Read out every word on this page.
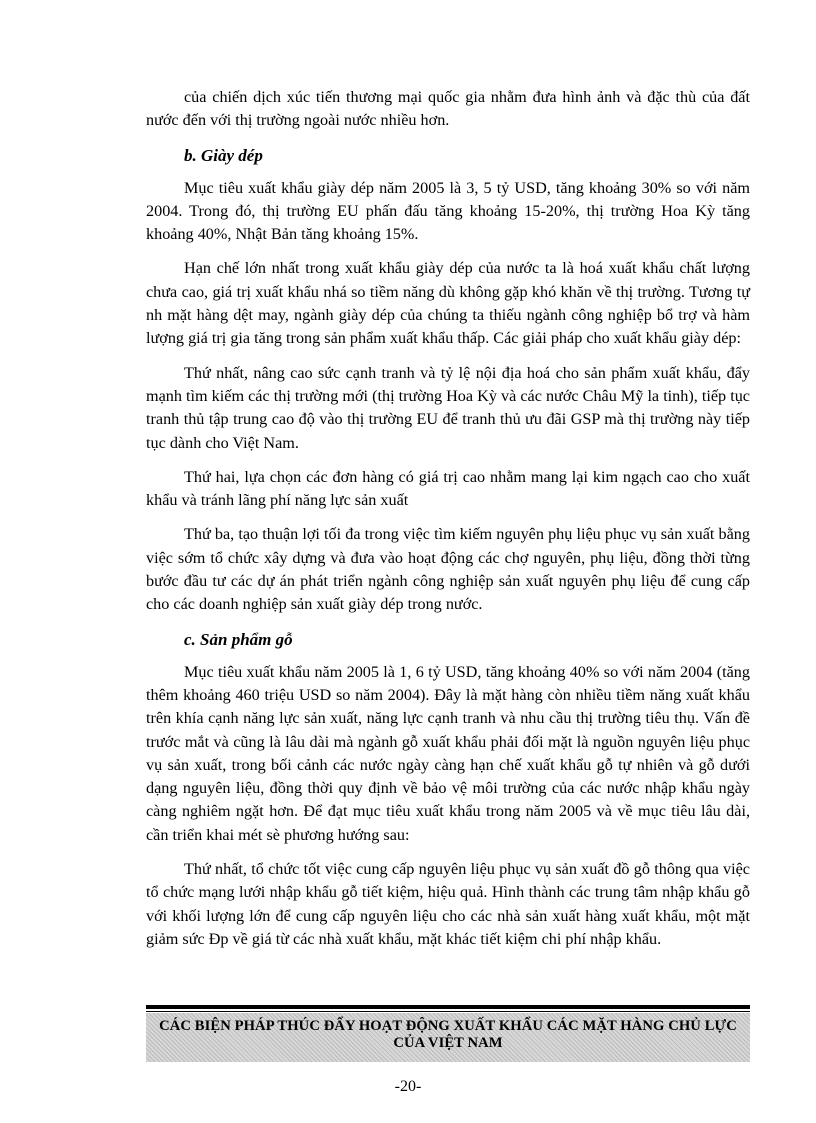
của chiến dịch xúc tiến thương mại quốc gia nhằm đưa hình ảnh và đặc thù của đất nước đến với thị trường ngoài nước nhiều hơn.

b. Giày dép

Mục tiêu xuất khẩu giày dép năm 2005 là 3, 5 tỷ USD, tăng khoảng 30% so với năm 2004. Trong đó, thị trường EU phấn đấu tăng khoảng 15-20%, thị trường Hoa Kỳ tăng khoảng 40%, Nhật Bản tăng khoảng 15%.

Hạn chế lớn nhất trong xuất khẩu giày dép của nước ta là hoá xuất khẩu chất lượng chưa cao, giá trị xuất khẩu nhá so tiềm năng dù không gặp khó khăn về thị trường. Tương tự nh mặt hàng dệt may, ngành giày dép của chúng ta thiếu ngành công nghiệp bổ trợ và hàm lượng giá trị gia tăng trong sản phẩm xuất khẩu thấp. Các giải pháp cho xuất khẩu giày dép:

Thứ nhất, nâng cao sức cạnh tranh và tỷ lệ nội địa hoá cho sản phẩm xuất khẩu, đẩy mạnh tìm kiếm các thị trường mới (thị trường Hoa Kỳ và các nước Châu Mỹ la tinh), tiếp tục tranh thủ tập trung cao độ vào thị trường EU để tranh thủ ưu đãi GSP mà thị trường này tiếp tục dành cho Việt Nam.

Thứ hai, lựa chọn các đơn hàng có giá trị cao nhằm mang lại kim ngạch cao cho xuất khẩu và tránh lãng phí năng lực sản xuất

Thứ ba, tạo thuận lợi tối đa trong việc tìm kiếm nguyên phụ liệu phục vụ sản xuất bằng việc sớm tổ chức xây dựng và đưa vào hoạt động các chợ nguyên, phụ liệu, đồng thời từng bước đầu tư các dự án phát triển ngành công nghiệp sản xuất nguyên phụ liệu để cung cấp cho các doanh nghiệp sản xuất giày dép trong nước.

c. Sản phẩm gỗ

Mục tiêu xuất khẩu năm 2005 là 1, 6 tỷ USD, tăng khoảng 40% so với năm 2004 (tăng thêm khoảng 460 triệu USD so năm 2004). Đây là mặt hàng còn nhiều tiềm năng xuất khẩu trên khía cạnh năng lực sản xuất, năng lực cạnh tranh và nhu cầu thị trường tiêu thụ. Vấn đề trước mắt và cũng là lâu dài mà ngành gỗ xuất khẩu phải đối mặt là nguồn nguyên liệu phục vụ sản xuất, trong bối cảnh các nước ngày càng hạn chế xuất khẩu gỗ tự nhiên và gỗ dưới dạng nguyên liệu, đồng thời quy định về bảo vệ môi trường của các nước nhập khẩu ngày càng nghiêm ngặt hơn. Để đạt mục tiêu xuất khẩu trong năm 2005 và về mục tiêu lâu dài, cần triển khai mét sè phương hướng sau:

Thứ nhất, tổ chức tốt việc cung cấp nguyên liệu phục vụ sản xuất đồ gỗ thông qua việc tổ chức mạng lưới nhập khẩu gỗ tiết kiệm, hiệu quả. Hình thành các trung tâm nhập khẩu gỗ với khối lượng lớn để cung cấp nguyên liệu cho các nhà sản xuất hàng xuất khẩu, một mặt giảm sức Đp về giá từ các nhà xuất khẩu, mặt khác tiết kiệm chi phí nhập khẩu.

CÁC BIỆN PHÁP THÚC ĐẨY HOẠT ĐỘNG XUẤT KHẨU CÁC MẶT HÀNG CHỦ LỰC
CỦA VIỆT NAM
-20-
